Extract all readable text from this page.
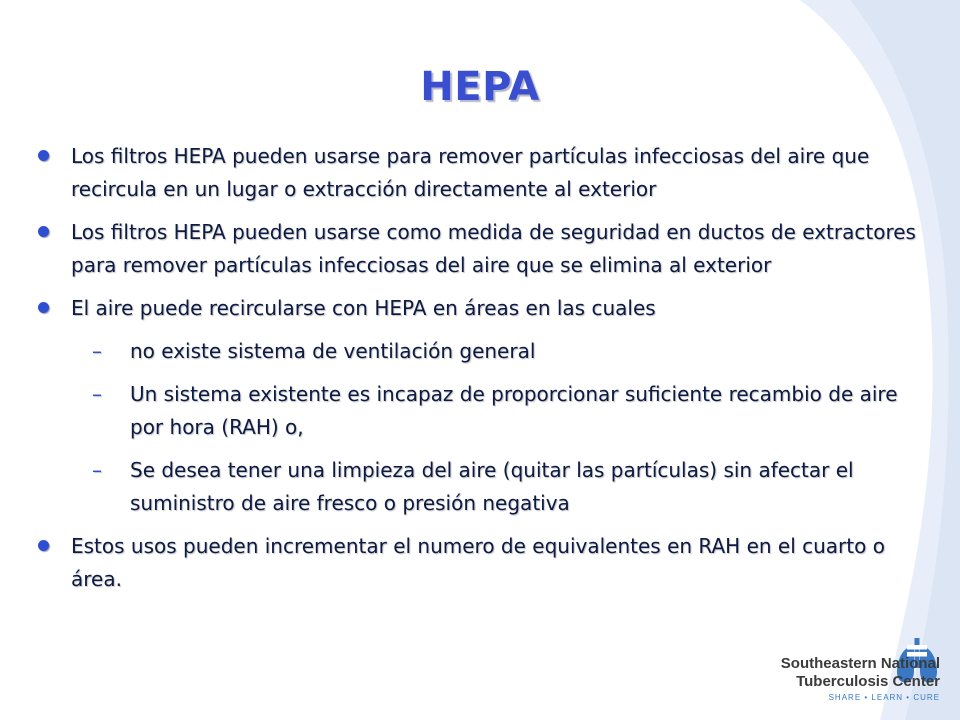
HEPA
Los filtros HEPA pueden usarse para remover partículas infecciosas del aire que recircula en un lugar o extracción directamente al exterior
Los filtros HEPA pueden usarse como medida de seguridad en ductos de extractores para remover partículas infecciosas del aire que se elimina al exterior
El aire puede recircularse con HEPA en áreas en las cuales
– no existe sistema de ventilación general
– Un sistema existente es incapaz de proporcionar suficiente recambio de aire por hora (RAH) o,
– Se desea tener una limpieza del aire (quitar las partículas) sin afectar el suministro de aire fresco o presión negativa
Estos usos pueden incrementar el numero de equivalentes en RAH en el cuarto o área.
Southeastern National
Tuberculosis Center
SHARE • LEARN • CURE
